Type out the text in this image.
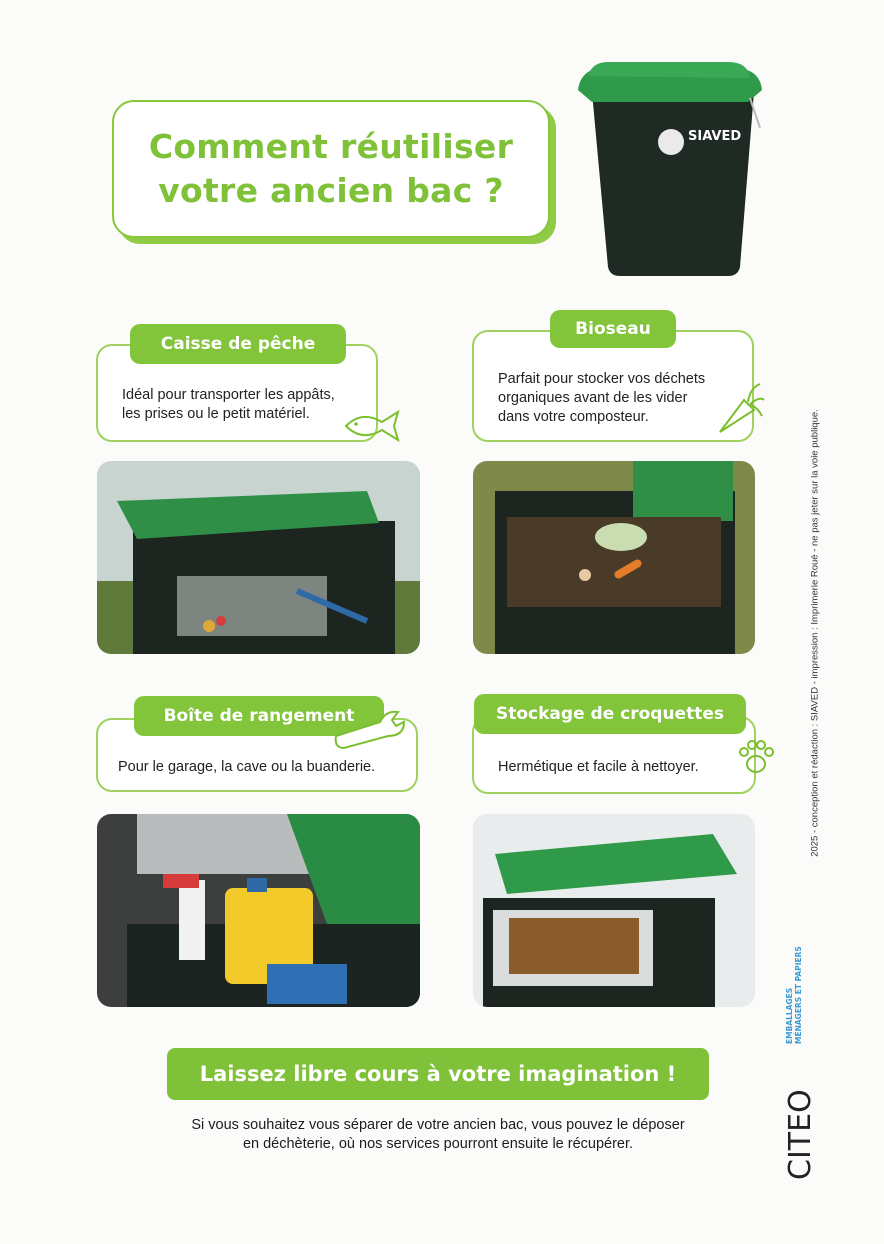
Comment réutiliser
votre ancien bac ?
SIAVED
Caisse de pêche
Idéal pour transporter les appâts,
les prises ou le petit matériel.
Bioseau
Parfait pour stocker vos déchets
organiques avant de les vider
dans votre composteur.
Boîte de rangement
Pour le garage, la cave ou la buanderie.
Stockage de croquettes
Hermétique et facile à nettoyer.	2025 - conception et rédaction : SIAVED - impression : Imprimerie Roué - ne pas jeter sur la voie publique.
Laissez libre cours à votre imagination !
Si vous souhaitez vous séparer de votre ancien bac, vous pouvez le déposer
en déchèterie, où nos services pourront ensuite le récupérer.	CITEO
EMBALLAGES MÉNAGERS ET PAPIERS
